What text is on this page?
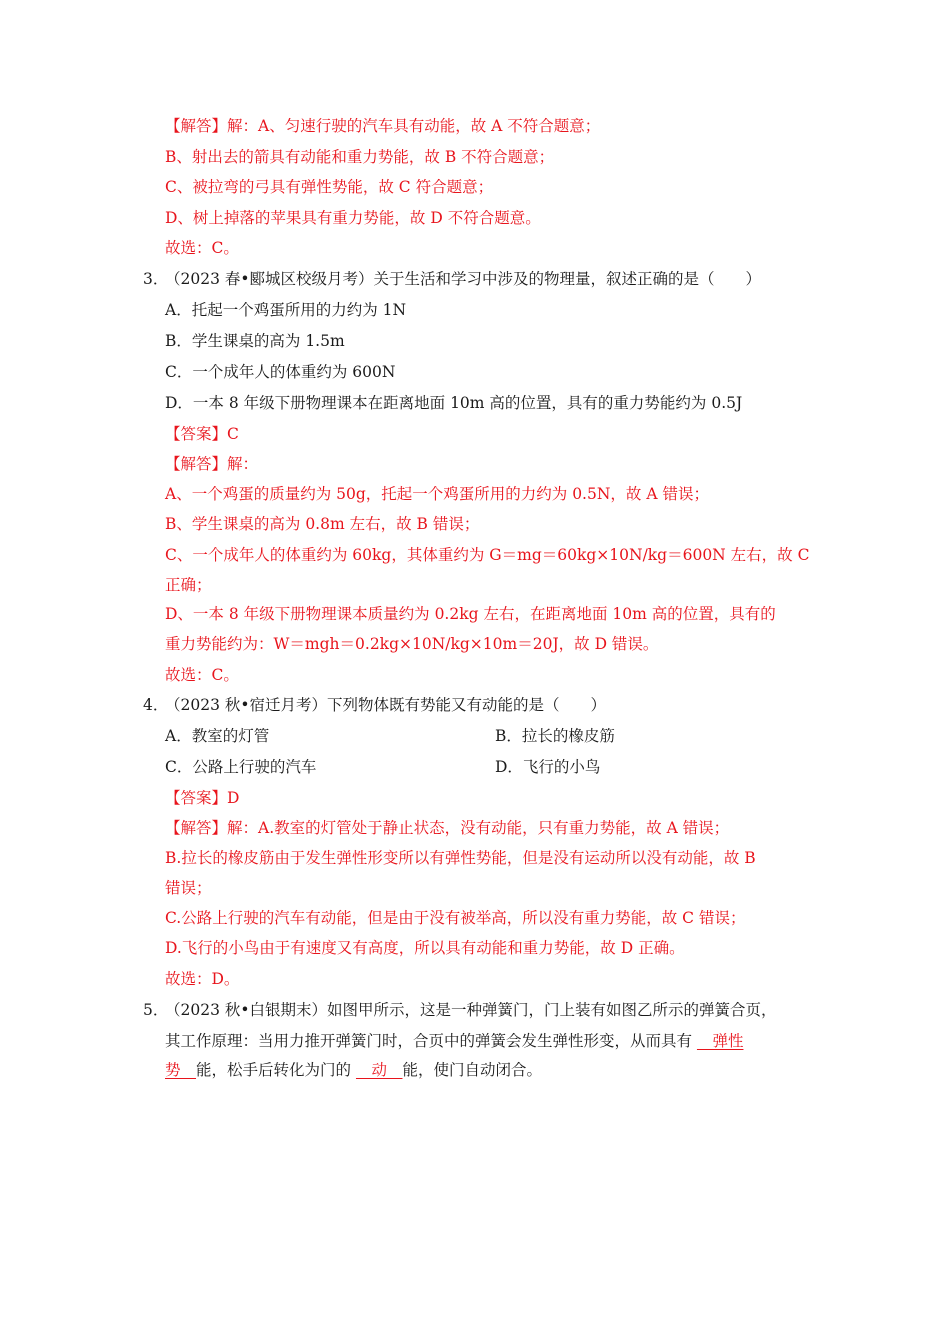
【解答】解：A、匀速行驶的汽车具有动能，故 A 不符合题意；
B、射出去的箭具有动能和重力势能，故 B 不符合题意；
C、被拉弯的弓具有弹性势能，故 C 符合题意；
D、树上掉落的苹果具有重力势能，故 D 不符合题意。
故选：C。
3．
（2023 春•郾城区校级月考）关于生活和学习中涉及的物理量，叙述正确的是（　　）
A．托起一个鸡蛋所用的力约为 1N
B．学生课桌的高为 1.5m
C．一个成年人的体重约为 600N
D．一本 8 年级下册物理课本在距离地面 10m 高的位置，具有的重力势能约为 0.5J
【答案】C
【解答】解：
A、一个鸡蛋的质量约为 50g，托起一个鸡蛋所用的力约为 0.5N，故 A 错误；
B、学生课桌的高为 0.8m 左右，故 B 错误；
C、一个成年人的体重约为 60kg，其体重约为 G＝mg＝60kg×10N/kg＝600N 左右，故 C
正确；
D、一本 8 年级下册物理课本质量约为 0.2kg 左右，在距离地面 10m 高的位置，具有的
重力势能约为：W＝mgh＝0.2kg×10N/kg×10m＝20J，故 D 错误。
故选：C。
4．
（2023 秋•宿迁月考）下列物体既有势能又有动能的是（　　）
A．教室的灯管	B．拉长的橡皮筋
C．公路上行驶的汽车	D．飞行的小鸟
【答案】D
【解答】解：A.教室的灯管处于静止状态，没有动能，只有重力势能，故 A 错误；
B.拉长的橡皮筋由于发生弹性形变所以有弹性势能，但是没有运动所以没有动能，故 B
错误；
C.公路上行驶的汽车有动能，但是由于没有被举高，所以没有重力势能，故 C 错误；
D.飞行的小鸟由于有速度又有高度，所以具有动能和重力势能，故 D 正确。
故选：D。
5．
（2023 秋•白银期末）如图甲所示，这是一种弹簧门，门上装有如图乙所示的弹簧合页，
其工作原理：当用力推开弹簧门时，合页中的弹簧会发生弹性形变，从而具有 　弹性
势　能，松手后转化为门的 　动　能，使门自动闭合。
